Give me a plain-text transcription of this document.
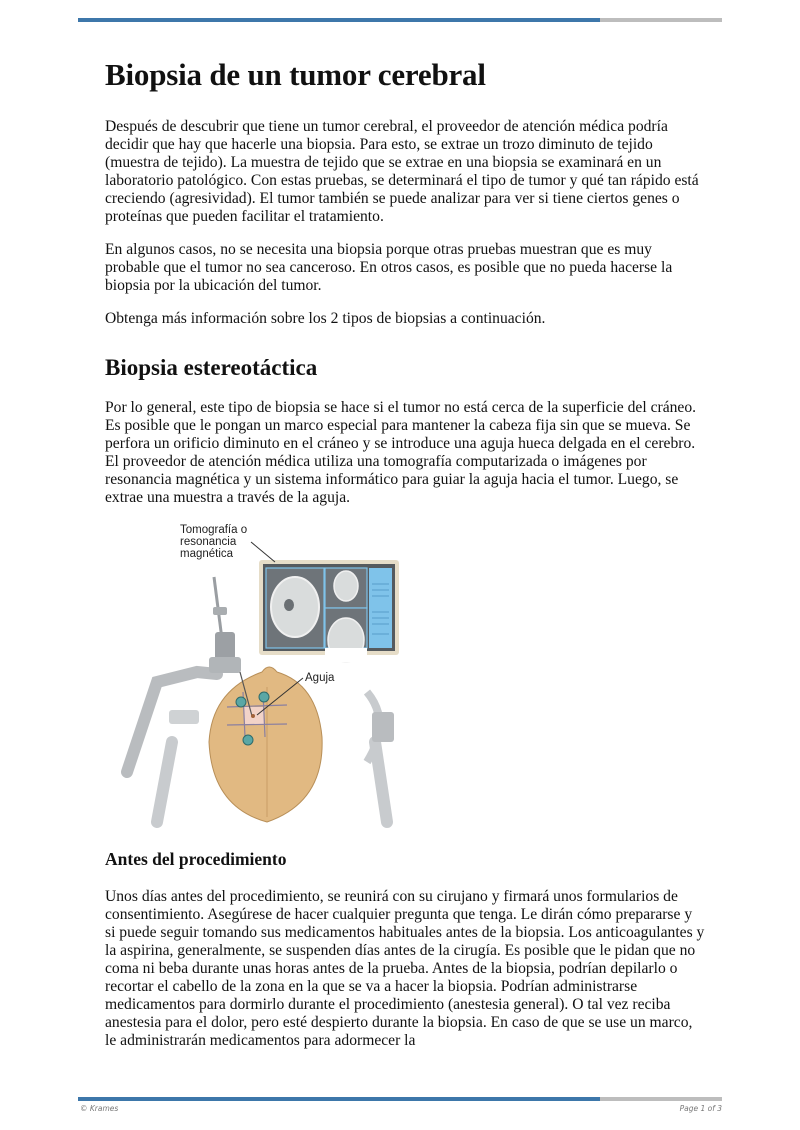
Biopsia de un tumor cerebral

Después de descubrir que tiene un tumor cerebral, el proveedor de atención médica podría decidir que hay que hacerle una biopsia. Para esto, se extrae un trozo diminuto de tejido (muestra de tejido). La muestra de tejido que se extrae en una biopsia se examinará en un laboratorio patológico. Con estas pruebas, se determinará el tipo de tumor y qué tan rápido está creciendo (agresividad). El tumor también se puede analizar para ver si tiene ciertos genes o proteínas que pueden facilitar el tratamiento.

En algunos casos, no se necesita una biopsia porque otras pruebas muestran que es muy probable que el tumor no sea canceroso. En otros casos, es posible que no pueda hacerse la biopsia por la ubicación del tumor.

Obtenga más información sobre los 2 tipos de biopsias a continuación.

Biopsia estereotáctica

Por lo general, este tipo de biopsia se hace si el tumor no está cerca de la superficie del cráneo. Es posible que le pongan un marco especial para mantener la cabeza fija sin que se mueva. Se perfora un orificio diminuto en el cráneo y se introduce una aguja hueca delgada en el cerebro. El proveedor de atención médica utiliza una tomografía computarizada o imágenes por resonancia magnética y un sistema informático para guiar la aguja hacia el tumor. Luego, se extrae una muestra a través de la aguja.

Tomografía o
resonancia
magnética
Aguja
Antes del procedimiento

Unos días antes del procedimiento, se reunirá con su cirujano y firmará unos formularios de consentimiento. Asegúrese de hacer cualquier pregunta que tenga. Le dirán cómo prepararse y si puede seguir tomando sus medicamentos habituales antes de la biopsia. Los anticoagulantes y la aspirina, generalmente, se suspenden días antes de la cirugía. Es posible que le pidan que no coma ni beba durante unas horas antes de la prueba. Antes de la biopsia, podrían depilarlo o recortar el cabello de la zona en la que se va a hacer la biopsia. Podrían administrarse medicamentos para dormirlo durante el procedimiento (anestesia general). O tal vez reciba anestesia para el dolor, pero esté despierto durante la biopsia. En caso de que se use un marco, le administrarán medicamentos para adormecer la

© Krames	Page 1 of 3
